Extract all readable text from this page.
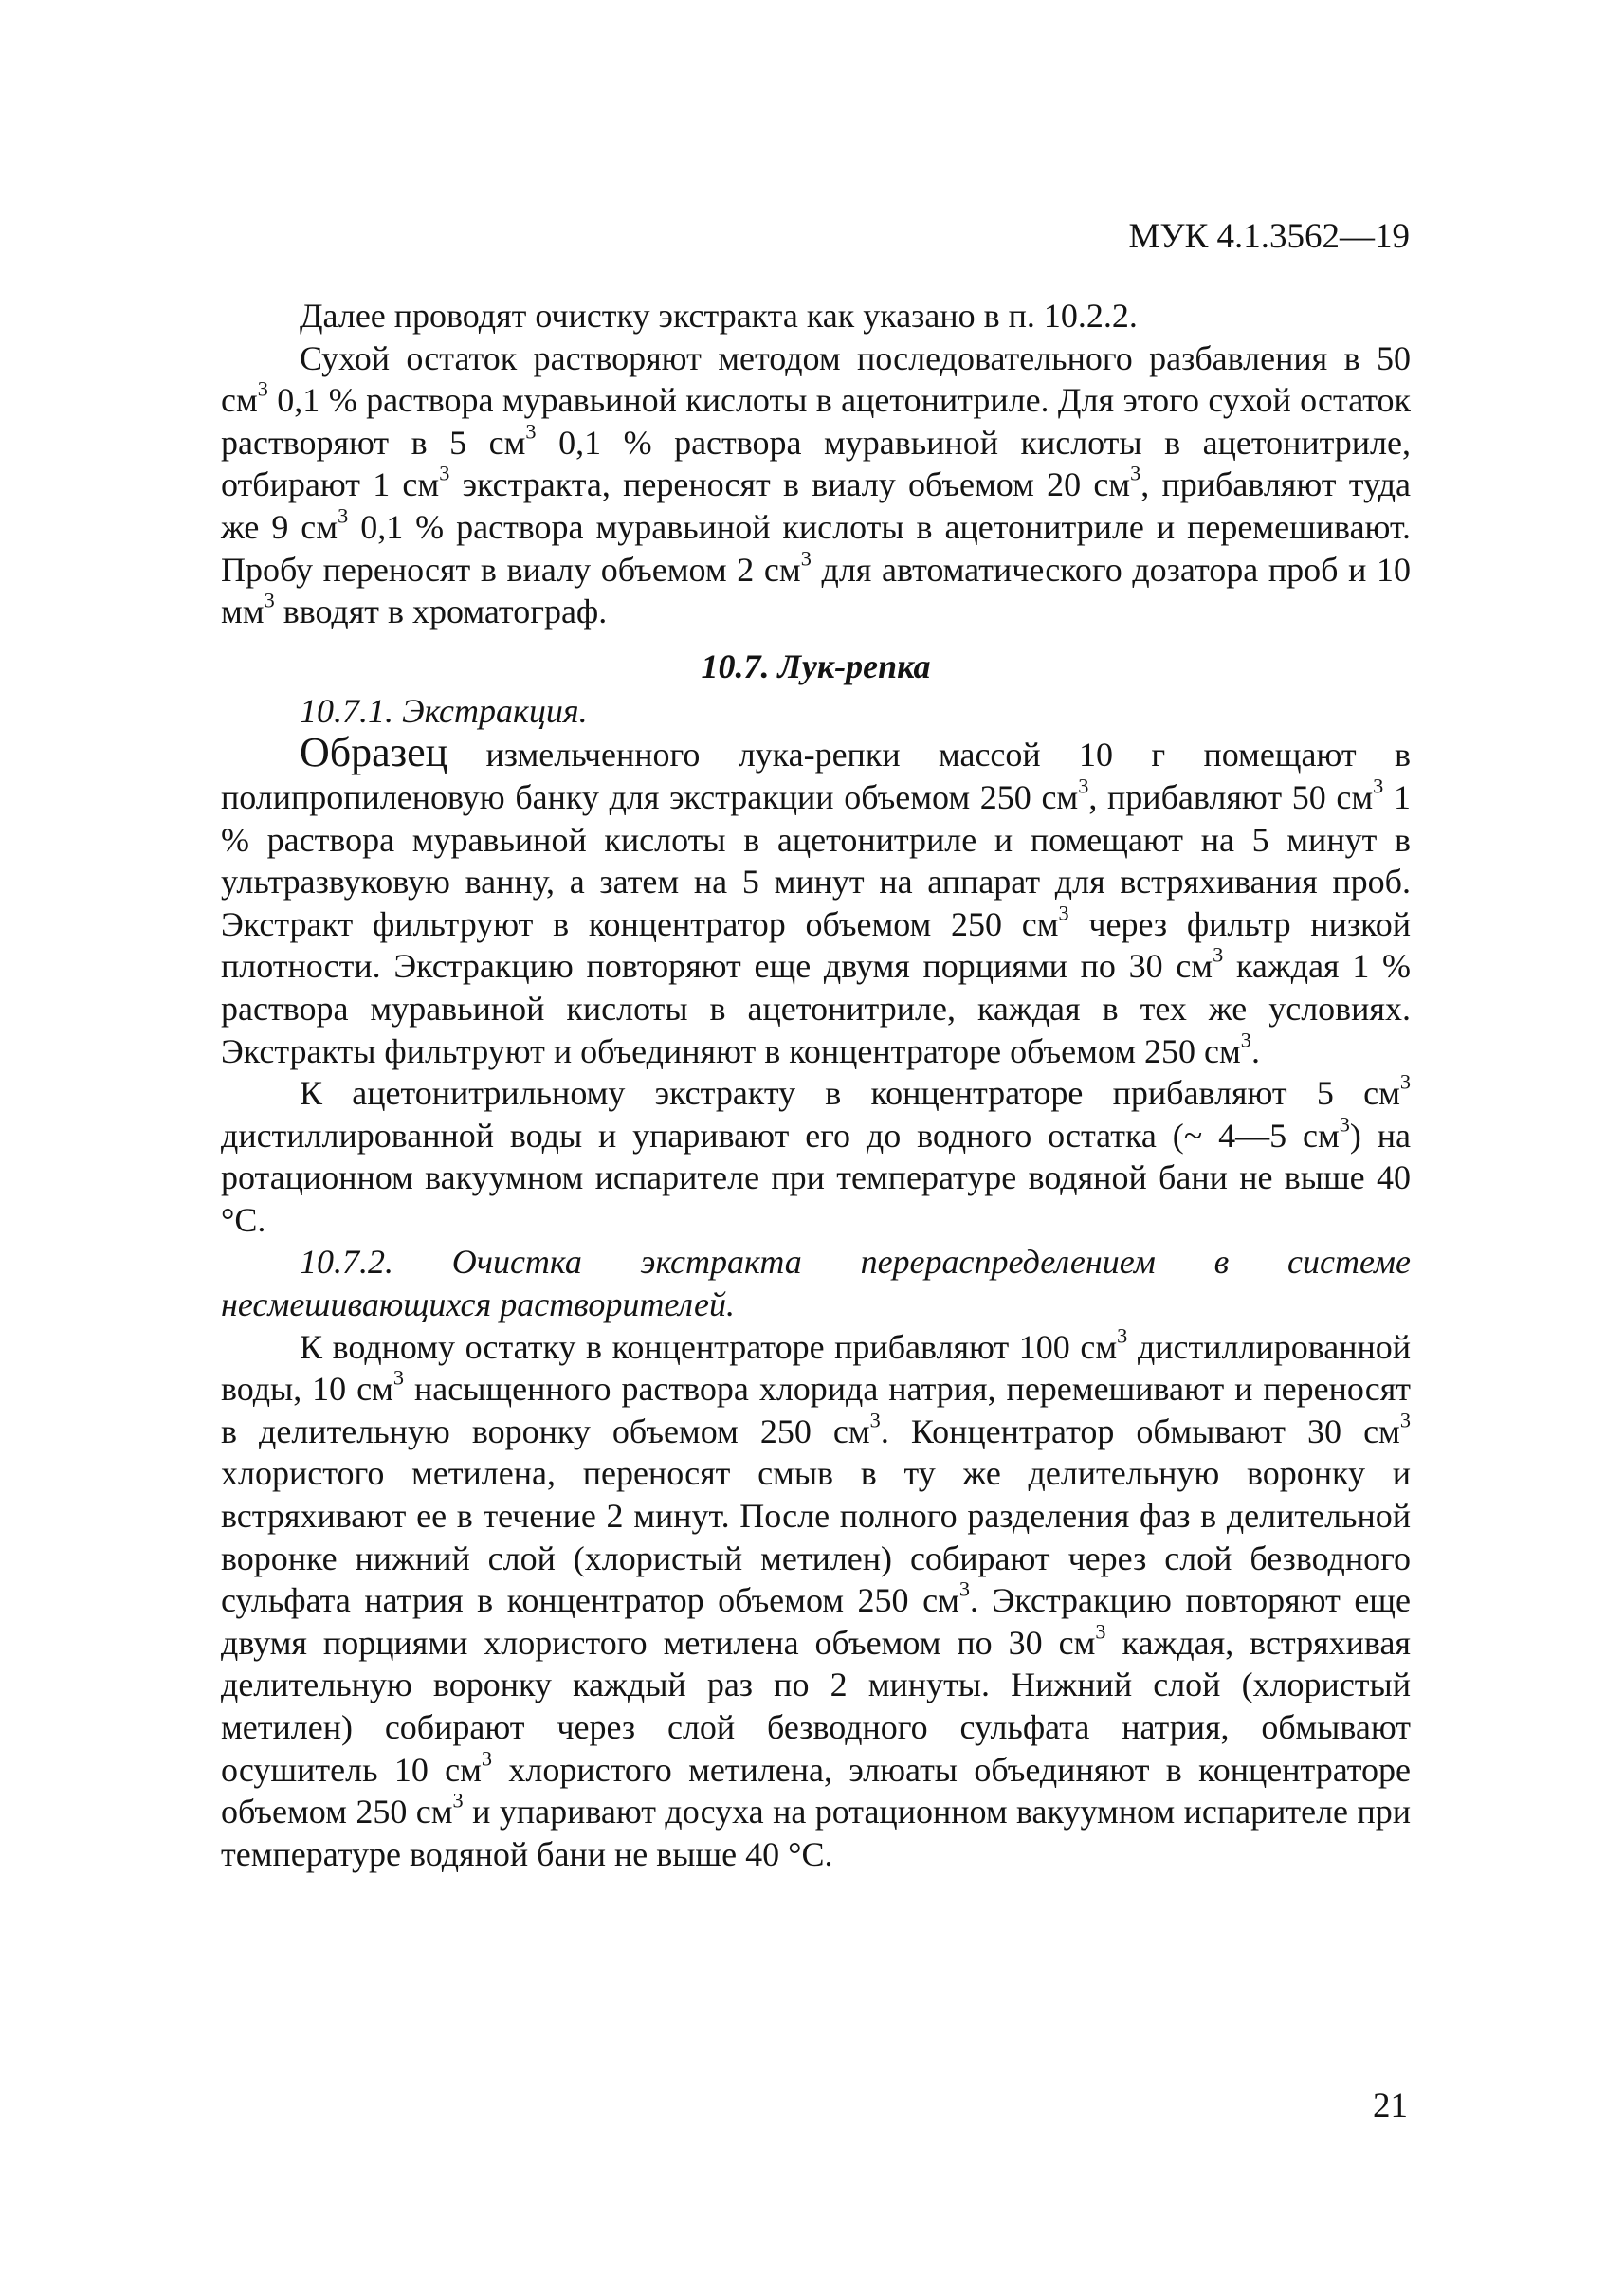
МУК 4.1.3562—19

Далее проводят очистку экстракта как указано в п. 10.2.2.

Сухой остаток растворяют методом последовательного разбавления в 50 $см^3$ 0,1 % раствора муравьиной кислоты в ацетонитриле. Для этого сухой остаток растворяют в 5 $см^3$ 0,1 % раствора муравьиной кислоты в ацетонитриле, отбирают 1 $см^3$ экстракта, переносят в виалу объемом 20 $см^3$, прибавляют туда же 9 $см^3$ 0,1 % раствора муравьиной кислоты в ацетонитриле и перемешивают. Пробу переносят в виалу объемом 2 $см^3$ для автоматического дозатора проб и 10 $мм^3$ вводят в хроматограф.

10.7. Лук-репка

10.7.1. Экстракция.

Образец измельченного лука-репки массой 10 г помещают в полипропиленовую банку для экстракции объемом 250 $см^3$, прибавляют 50 $см^3$ 1 % раствора муравьиной кислоты в ацетонитриле и помещают на 5 минут в ультразвуковую ванну, а затем на 5 минут на аппарат для встряхивания проб. Экстракт фильтруют в концентратор объемом 250 $см^3$ через фильтр низкой плотности. Экстракцию повторяют еще двумя порциями по 30 $см^3$ каждая 1 % раствора муравьиной кислоты в ацетонитриле, каждая в тех же условиях. Экстракты фильтруют и объединяют в концентраторе объемом 250 $см^3$.

К ацетонитрильному экстракту в концентраторе прибавляют 5 $см^3$ дистиллированной воды и упаривают его до водного остатка (~ 4—5 $см^3$) на ротационном вакуумном испарителе при температуре водяной бани не выше 40 °С.

10.7.2. Очистка экстракта перераспределением в системе несмешивающихся растворителей.

К водному остатку в концентраторе прибавляют 100 $см^3$ дистиллированной воды, 10 $см^3$ насыщенного раствора хлорида натрия, перемешивают и переносят в делительную воронку объемом 250 $см^3$. Концентратор обмывают 30 $см^3$ хлористого метилена, переносят смыв в ту же делительную воронку и встряхивают ее в течение 2 минут. После полного разделения фаз в делительной воронке нижний слой (хлористый метилен) собирают через слой безводного сульфата натрия в концентратор объемом 250 $см^3$. Экстракцию повторяют еще двумя порциями хлористого метилена объемом по 30 $см^3$ каждая, встряхивая делительную воронку каждый раз по 2 минуты. Нижний слой (хлористый метилен) собирают через слой безводного сульфата натрия, обмывают осушитель 10 $см^3$ хлористого метилена, элюаты объединяют в концентраторе объемом 250 $см^3$ и упаривают досуха на ротационном вакуумном испарителе при температуре водяной бани не выше 40 °С.

21
